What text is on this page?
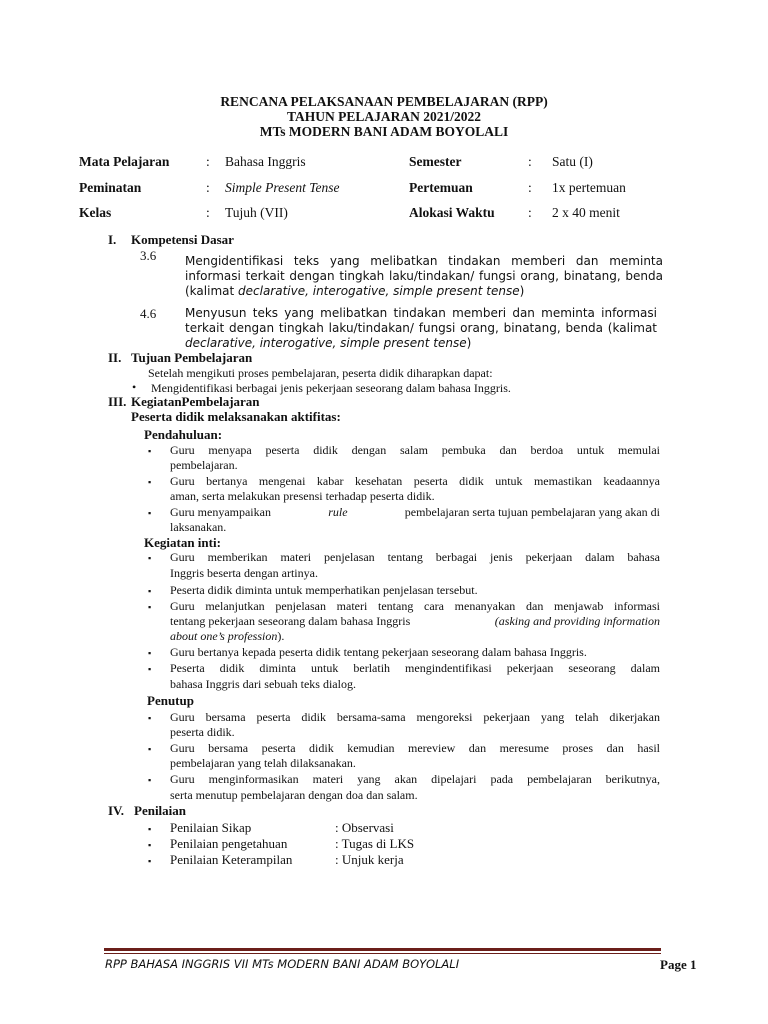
RENCANA PELAKSANAAN PEMBELAJARAN (RPP)
TAHUN PELAJARAN 2021/2022
MTs MODERN BANI ADAM BOYOLALI
Mata Pelajaran	: Bahasa Inggris	Semester	: Satu (I)
Peminatan	: Simple Present Tense	Pertemuan	: 1x pertemuan
Kelas	: Tujuh (VII)	Alokasi Waktu : 2 x 40 menit
I. Kompetensi Dasar
3.6 Mengidentifikasi teks yang melibatkan tindakan memberi dan meminta
informasi terkait dengan tingkah laku/tindakan/ fungsi orang, binatang, benda
(kalimat declarative, interogative, simple present tense)
4.6 Menyusun teks yang melibatkan tindakan memberi dan meminta informasi
terkait dengan tingkah laku/tindakan/ fungsi orang, binatang, benda (kalimat
declarative, interogative, simple present tense)
II. Tujuan Pembelajaran
Setelah mengikuti proses pembelajaran, peserta didik diharapkan dapat:
• Mengidentifikasi berbagai jenis pekerjaan seseorang dalam bahasa Inggris.
III. KegiatanPembelajaran
Peserta didik melaksanakan aktifitas:
Pendahuluan:
▪ Guru menyapa peserta didik dengan salam pembuka dan berdoa untuk memulai
pembelajaran.
▪ Guru bertanya mengenai kabar kesehatan peserta didik untuk memastikan keadaannya
aman, serta melakukan presensi terhadap peserta didik.
▪ Guru menyampaikan	rule	pembelajaran serta tujuan pembelajaran yang akan di
laksanakan.
Kegiatan inti:
▪ Guru memberikan materi penjelasan tentang berbagai jenis pekerjaan dalam bahasa
Inggris beserta dengan artinya.
▪ Peserta didik diminta untuk memperhatikan penjelasan tersebut.
▪ Guru melanjutkan penjelasan materi tentang cara menanyakan dan menjawab informasi
tentang pekerjaan seseorang dalam bahasa Inggris	(asking and providing information
about one’s profession).
▪ Guru bertanya kepada peserta didik tentang pekerjaan seseorang dalam bahasa Inggris.
▪ Peserta didik diminta untuk berlatih mengindentifikasi pekerjaan seseorang dalam
bahasa Inggris dari sebuah teks dialog.
Penutup
▪ Guru bersama peserta didik bersama-sama mengoreksi pekerjaan yang telah dikerjakan
peserta didik.
▪ Guru bersama peserta didik kemudian mereview dan meresume proses dan hasil
pembelajaran yang telah dilaksanakan.
▪ Guru menginformasikan materi yang akan dipelajari pada pembelajaran berikutnya,
serta menutup pembelajaran dengan doa dan salam.
IV. Penilaian
▪ Penilaian Sikap	: Observasi
▪ Penilaian pengetahuan	: Tugas di LKS
▪ Penilaian Keterampilan	: Unjuk kerja
RPP BAHASA INGGRIS VII MTs MODERN BANI ADAM BOYOLALI	Page 1
